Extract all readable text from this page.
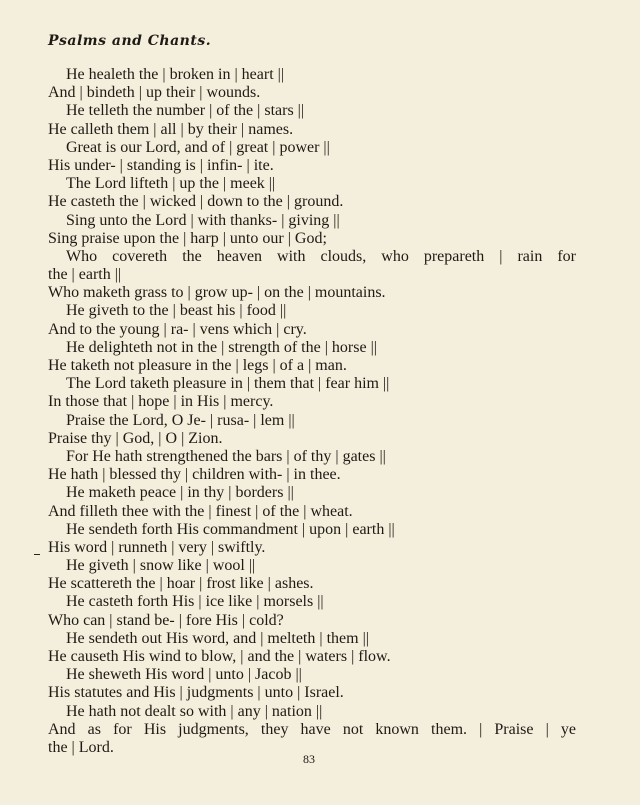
Psalms and Chants.
He healeth the | broken in | heart ||
And | bindeth | up their | wounds.
He telleth the number | of the | stars ||
He calleth them | all | by their | names.
Great is our Lord, and of | great | power ||
His under- | standing is | infin- | ite.
The Lord lifteth | up the | meek ||
He casteth the | wicked | down to the | ground.
Sing unto the Lord | with thanks- | giving ||
Sing praise upon the | harp | unto our | God;
Who covereth the heaven with clouds, who prepareth | rain for
the | earth ||
Who maketh grass to | grow up- | on the | mountains.
He giveth to the | beast his | food ||
And to the young | ra- | vens which | cry.
He delighteth not in the | strength of the | horse ||
He taketh not pleasure in the | legs | of a | man.
The Lord taketh pleasure in | them that | fear him ||
In those that | hope | in His | mercy.
Praise the Lord, O Je- | rusa- | lem ||
Praise thy | God, | O | Zion.
For He hath strengthened the bars | of thy | gates ||
He hath | blessed thy | children with- | in thee.
He maketh peace | in thy | borders ||
And filleth thee with the | finest | of the | wheat.
He sendeth forth His commandment | upon | earth ||
His word | runneth | very | swiftly.
He giveth | snow like | wool ||
He scattereth the | hoar | frost like | ashes.
He casteth forth His | ice like | morsels ||
Who can | stand be- | fore His | cold?
He sendeth out His word, and | melteth | them ||
He causeth His wind to blow, | and the | waters | flow.
He sheweth His word | unto | Jacob ||
His statutes and His | judgments | unto | Israel.
He hath not dealt so with | any | nation ||
And as for His judgments, they have not known them. | Praise | ye
the | Lord.
83
